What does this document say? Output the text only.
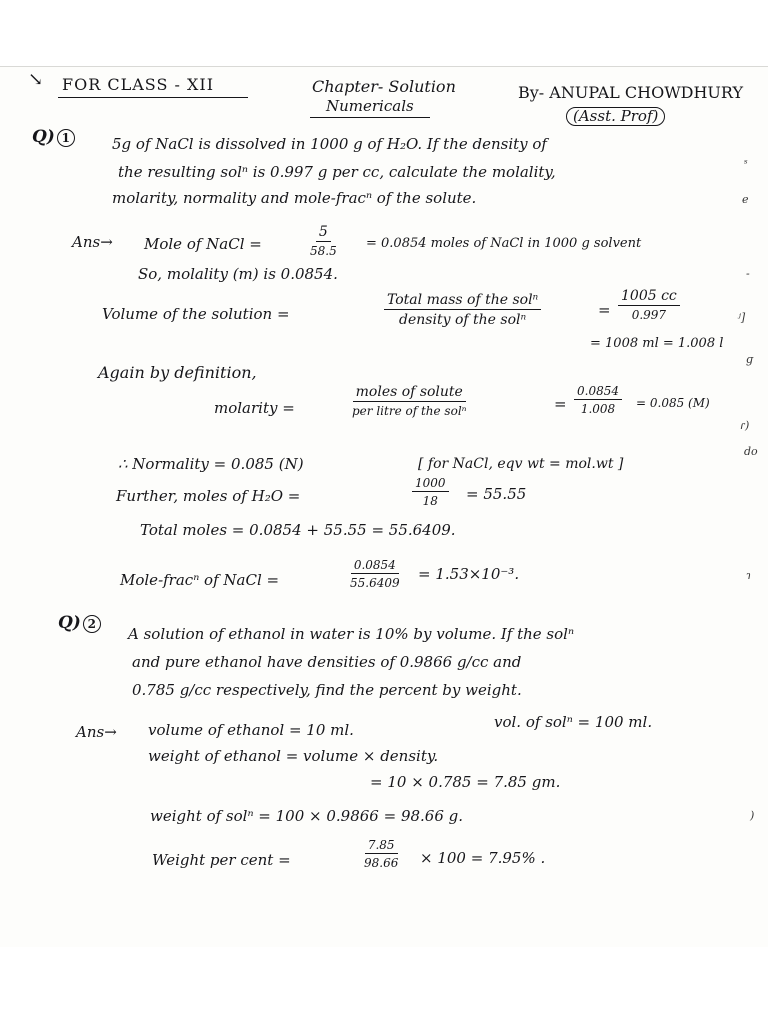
↘ FOR CLASS - XII	Chapter- Solution
Numericals
By- ANUPAL CHOWDHURY
(Asst. Prof)
Q) 1	5g of NaCl is dissolved in 1000 g of H₂O. If the density of
the resulting solⁿ is 0.997 g per cc, calculate the molality,
molarity, normality and mole-fracⁿ of the solute.
Ans→ Mole of NaCl =	$\frac{5}{58.5} = 0.0854$ moles of NaCl in 1000 g solvent
So, molality (m) is 0.0854.
Volume of the solution =
Total mass of the solⁿ
density of the solⁿ
= $\frac{1005 cc}{0.997}$
= 1008 ml = 1.008 l
Again by definition,
molarity =
moles of solute
per litre of the solⁿ	= $\frac{0.0854}{1.008} = 0.085$ (M)
∴ Normality = 0.085 (N)	[ for NaCl, eqv wt = mol.wt ]
Further, moles of H₂O =	$\frac{1000}{18} = 55.55$
Total moles = 0.0854 + 55.55 = 55.6409.
Mole-fracⁿ of NaCl =	$\frac{0.0854}{55.6409} = 1.53\times 10^{-3}$.
Q) 2
A solution of ethanol in water is 10% by volume. If the solⁿ
and pure ethanol have densities of 0.9866 g/cc and
0.785 g/cc respectively, find the percent by weight.
Ans→ volume of ethanol = 10 ml.	vol. of solⁿ = 100 ml.
weight of ethanol = volume × density.
= 10 × 0.785 = 7.85 gm.
weight of solⁿ = 100 × 0.9866 = 98.66 g.
Weight per cent =	$\frac{7.85}{98.66} \times 100 = 7.95\%$ .
ˢ
e
-
ʲ]
ɡ
ɾ)
do
ɿ
)
